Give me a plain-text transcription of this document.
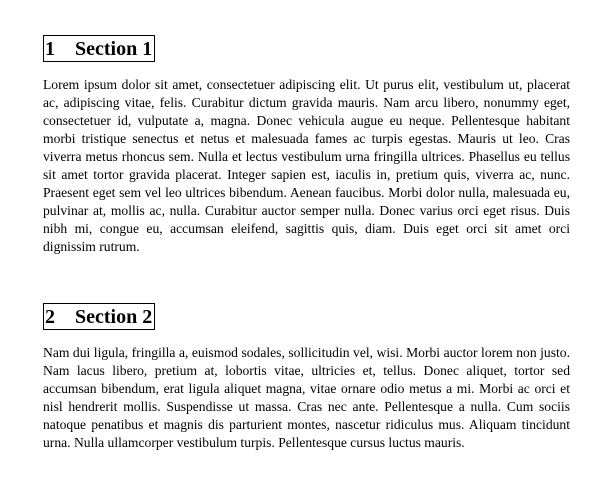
1 Section 1

Lorem ipsum dolor sit amet, consectetuer adipiscing elit. Ut purus elit, vestibulum ut, placerat ac, adipiscing vitae, felis. Curabitur dictum gravida mauris. Nam arcu libero, nonummy eget, consectetuer id, vulputate a, magna. Donec vehicula augue eu neque. Pellentesque habitant morbi tristique senectus et netus et malesuada fames ac turpis egestas. Mauris ut leo. Cras viverra metus rhoncus sem. Nulla et lectus vestibulum urna fringilla ultrices. Phasellus eu tellus sit amet tortor gravida placerat. Integer sapien est, iaculis in, pretium quis, viverra ac, nunc. Praesent eget sem vel leo ultrices bibendum. Aenean faucibus. Morbi dolor nulla, malesuada eu, pulvinar at, mollis ac, nulla. Curabitur auctor semper nulla. Donec varius orci eget risus. Duis nibh mi, congue eu, accumsan eleifend, sagittis quis, diam. Duis eget orci sit amet orci dignissim rutrum.

2 Section 2

Nam dui ligula, fringilla a, euismod sodales, sollicitudin vel, wisi. Morbi auctor lorem non justo. Nam lacus libero, pretium at, lobortis vitae, ultricies et, tellus. Donec aliquet, tortor sed accumsan bibendum, erat ligula aliquet magna, vitae ornare odio metus a mi. Morbi ac orci et nisl hendrerit mollis. Suspendisse ut massa. Cras nec ante. Pellentesque a nulla. Cum sociis natoque penatibus et magnis dis parturient montes, nascetur ridiculus mus. Aliquam tincidunt urna. Nulla ullamcorper vestibulum turpis. Pellentesque cursus luctus mauris.
